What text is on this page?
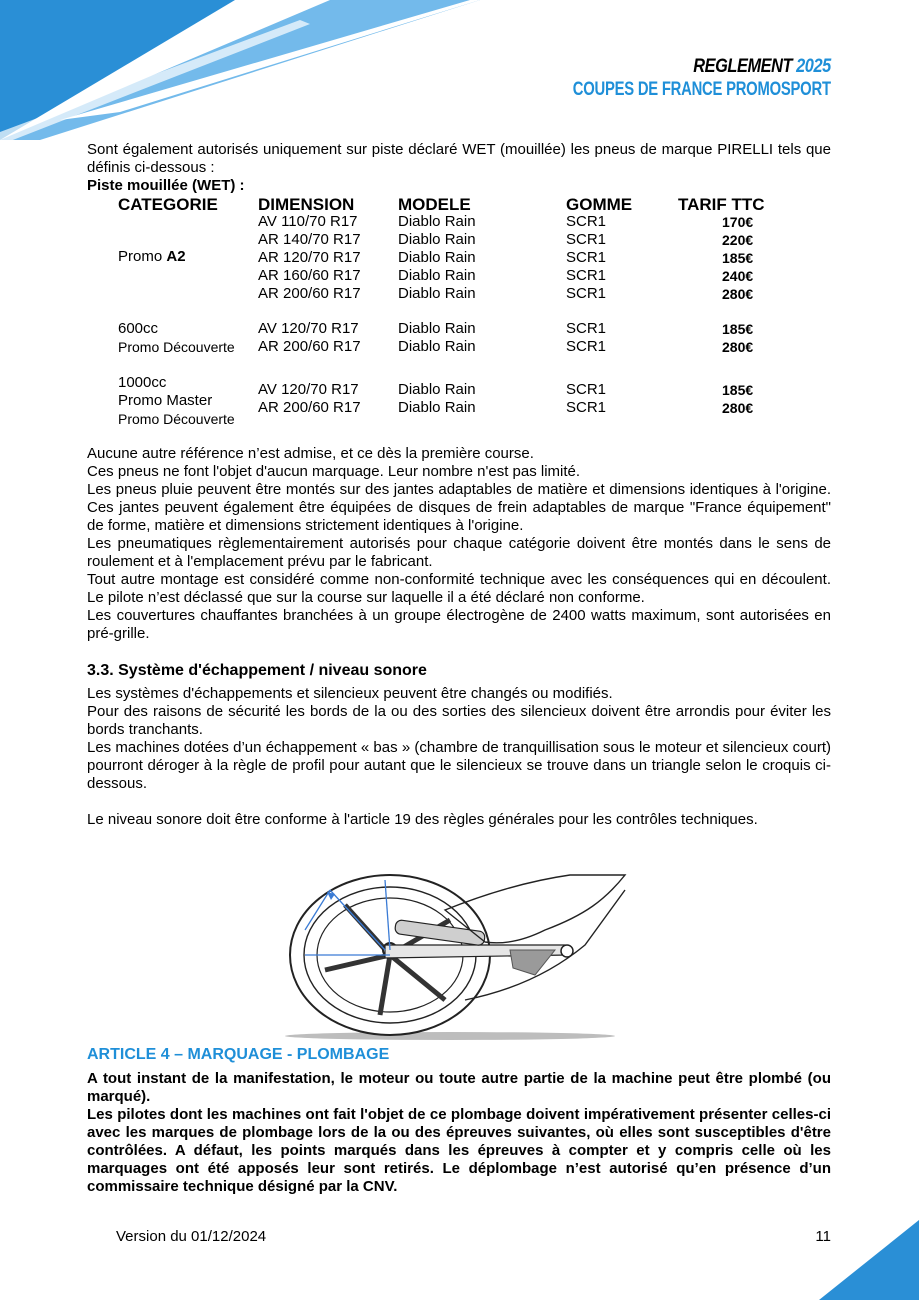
REGLEMENT 2025
COUPES DE FRANCE PROMOSPORT

Sont également autorisés uniquement sur piste déclaré WET (mouillée) les pneus de marque PIRELLI tels que définis ci-dessous :

Piste mouillée (WET) :

CATEGORIE DIMENSION	MODELE	GOMME	TARIF TTC
Promo A2
AV 110/70 R17	Diablo Rain	SCR1	170€
AR 140/70 R17 Diablo Rain	SCR1	220€
AR 120/70 R17 Diablo Rain	SCR1	185€
AR 160/60 R17 Diablo Rain	SCR1	240€
AR 200/60 R17 Diablo Rain	SCR1	280€
600cc
Promo Découverte
AV 120/70 R17	Diablo Rain	SCR1	185€
AR 200/60 R17 Diablo Rain	SCR1	280€
1000cc
Promo Master
Promo Découverte
AV 120/70 R17	Diablo Rain	SCR1	185€
AR 200/60 R17 Diablo Rain	SCR1	280€

Aucune autre référence n’est admise, et ce dès la première course.

Ces pneus ne font l'objet d'aucun marquage. Leur nombre n'est pas limité.

Les pneus pluie peuvent être montés sur des jantes adaptables de matière et dimensions identiques à l'origine. Ces jantes peuvent également être équipées de disques de frein adaptables de marque "France équipement" de forme, matière et dimensions strictement identiques à l'origine.

Les pneumatiques règlementairement autorisés pour chaque catégorie doivent être montés dans le sens de roulement et à l'emplacement prévu par le fabricant.

Tout autre montage est considéré comme non-conformité technique avec les conséquences qui en découlent. Le pilote n’est déclassé que sur la course sur laquelle il a été déclaré non conforme.

Les couvertures chauffantes branchées à un groupe électrogène de 2400 watts maximum, sont autorisées en pré-grille.

3.3. Système d'échappement / niveau sonore

Les systèmes d'échappements et silencieux peuvent être changés ou modifiés.

Pour des raisons de sécurité les bords de la ou des sorties des silencieux doivent être arrondis pour éviter les bords tranchants.

Les machines dotées d’un échappement « bas » (chambre de tranquillisation sous le moteur et silencieux court) pourront déroger à la règle de profil pour autant que le silencieux se trouve dans un triangle selon le croquis ci-dessous.

Le niveau sonore doit être conforme à l'article 19 des règles générales pour les contrôles techniques.

ARTICLE 4 – MARQUAGE - PLOMBAGE

A tout instant de la manifestation, le moteur ou toute autre partie de la machine peut être plombé (ou marqué).

Les pilotes dont les machines ont fait l'objet de ce plombage doivent impérativement présenter celles-ci avec les marques de plombage lors de la ou des épreuves suivantes, où elles sont susceptibles d'être contrôlées. A défaut, les points marqués dans les épreuves à compter et y compris celle où les marquages ont été apposés leur sont retirés. Le déplombage n’est autorisé qu’en présence d’un commissaire technique désigné par la CNV.

Version du 01/12/2024	11
